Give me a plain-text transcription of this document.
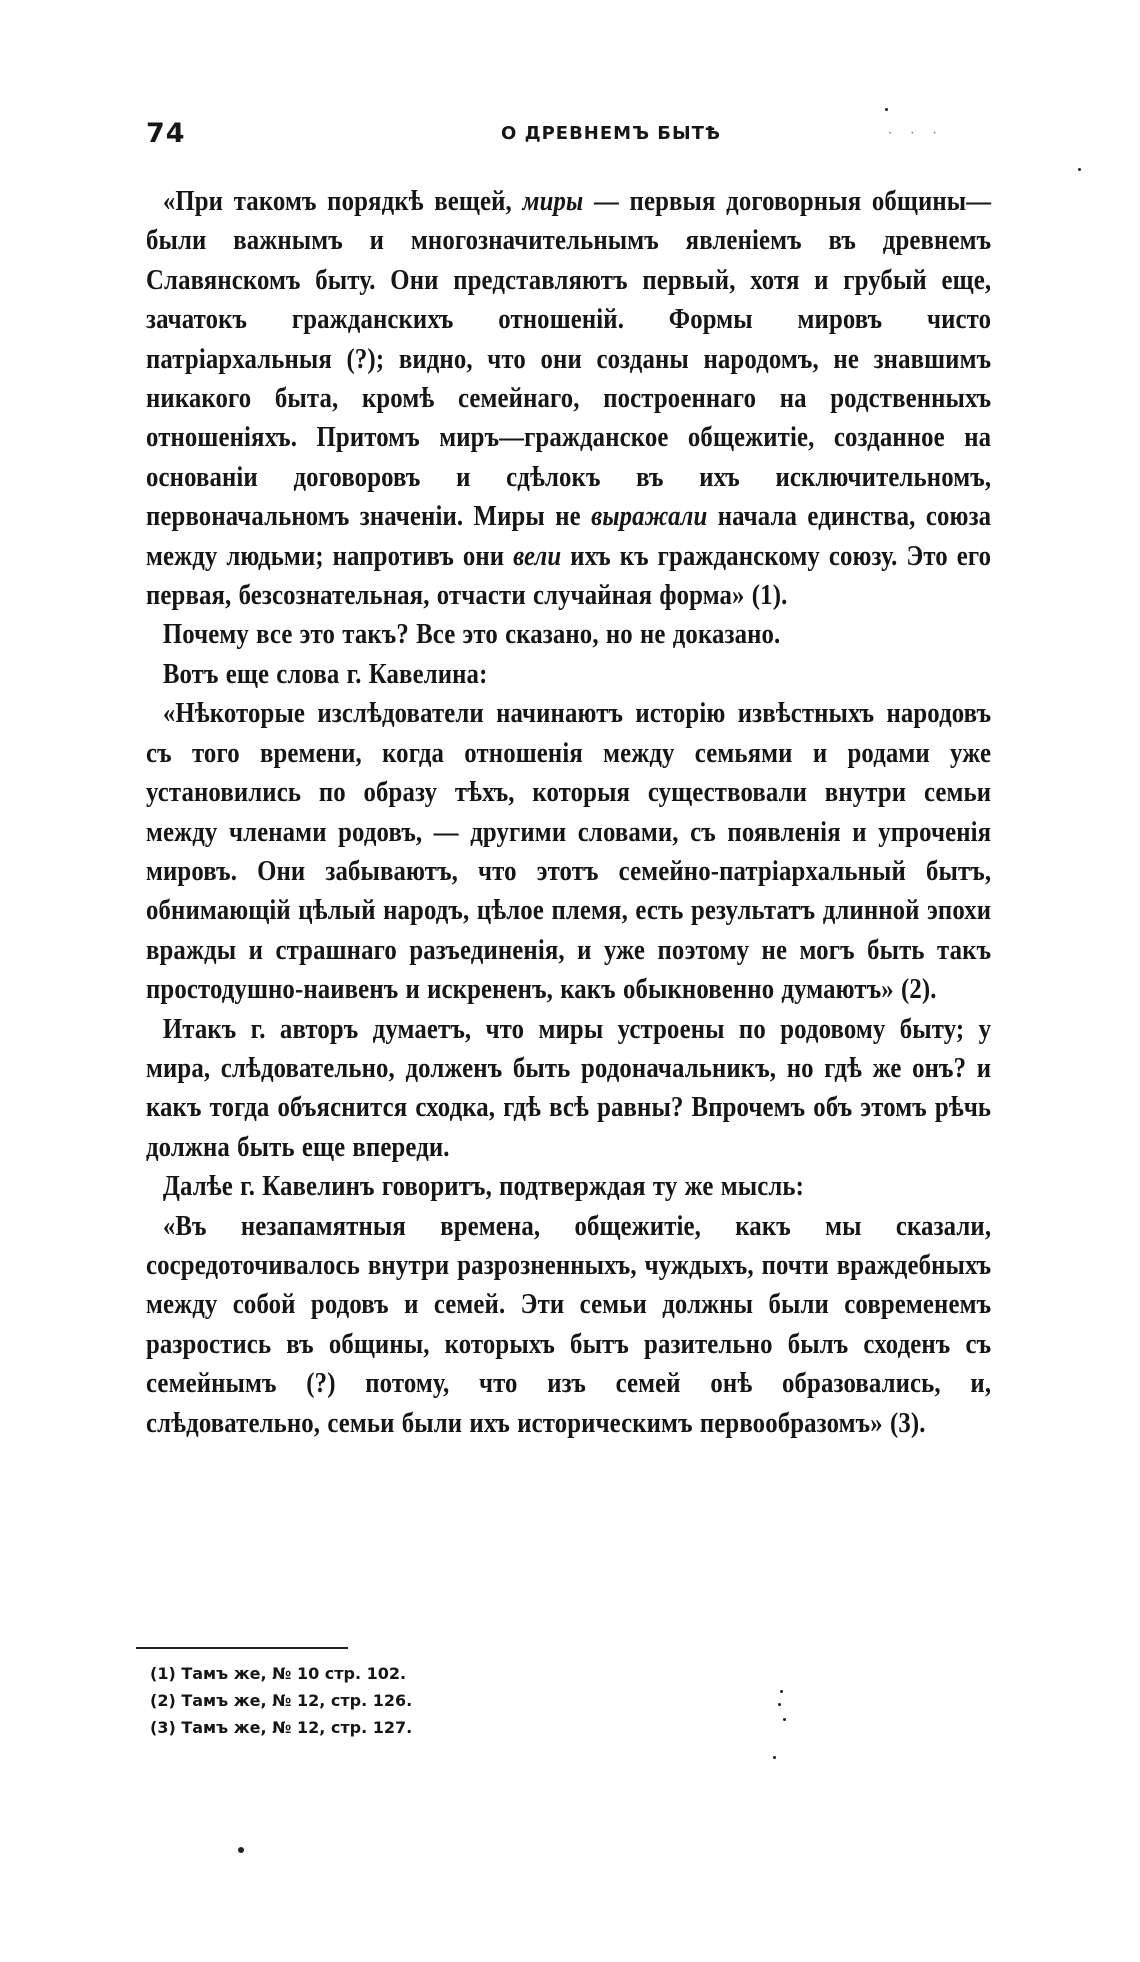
74	О ДРЕВНЕМЪ БЫТѢ	· · ·

«При такомъ порядкѣ вещей, миры — первыя договорныя общины—были важнымъ и многозначительнымъ явленіемъ въ древнемъ Славянскомъ быту. Они представляютъ первый, хотя и грубый еще, зачатокъ гражданскихъ отношеній. Формы мировъ чисто патріархальныя (?); видно, что они созданы народомъ, не знавшимъ никакого быта, кромѣ семейнаго, построеннаго на родственныхъ отношеніяхъ. Притомъ миръ—гражданское общежитіе, созданное на основаніи договоровъ и сдѣлокъ въ ихъ исключительномъ, первоначальномъ значеніи. Миры не выражали начала единства, союза между людьми; напротивъ они вели ихъ къ гражданскому союзу. Это его первая, безсознательная, отчасти случайная форма» (1).

Почему все это такъ? Все это сказано, но не доказано.

Вотъ еще слова г. Кавелина:

«Нѣкоторые изслѣдователи начинаютъ исторію извѣстныхъ народовъ съ того времени, когда отношенія между семьями и родами уже установились по образу тѣхъ, которыя существовали внутри семьи между членами родовъ, — другими словами, съ появленія и упроченія мировъ. Они забываютъ, что этотъ семейно-патріархальный бытъ, обнимающій цѣлый народъ, цѣлое племя, есть результатъ длинной эпохи вражды и страшнаго разъединенія, и уже поэтому не могъ быть такъ простодушно-наивенъ и искрененъ, какъ обыкновенно думаютъ» (2).

Итакъ г. авторъ думаетъ, что миры устроены по родовому быту; у мира, слѣдовательно, долженъ быть родоначальникъ, но гдѣ же онъ? и какъ тогда объяснится сходка, гдѣ всѣ равны? Впрочемъ объ этомъ рѣчь должна быть еще впереди.

Далѣе г. Кавелинъ говоритъ, подтверждая ту же мысль:

«Въ незапамятныя времена, общежитіе, какъ мы сказали, сосредоточивалось внутри разрозненныхъ, чуждыхъ, почти враждебныхъ между собой родовъ и семей. Эти семьи должны были современемъ разростись въ общины, которыхъ бытъ разительно былъ сходенъ съ семейнымъ (?) потому, что изъ семей онѣ образовались, и, слѣдовательно, семьи были ихъ историческимъ первообразомъ» (3).

(1) Тамъ же, № 10 стр. 102.
(2) Тамъ же, № 12, стр. 126.
(3) Тамъ же, № 12, стр. 127.
